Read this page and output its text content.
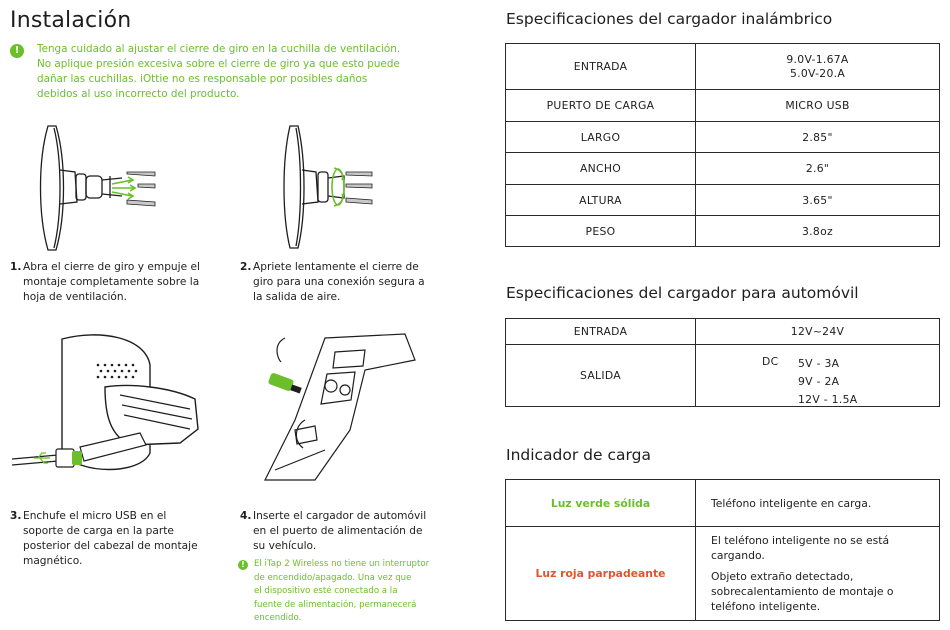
Instalación
!	Tenga cuidado al ajustar el cierre de giro en la cuchilla de ventilación.
No aplique presión excesiva sobre el cierre de giro ya que esto puede
dañar las cuchillas. iOttie no es responsable por posibles daños
debidos al uso incorrecto del producto.
1. Abra el cierre de giro y empuje el
montaje completamente sobre la
hoja de ventilación.
2. Apriete lentamente el cierre de
giro para una conexión segura a
la salida de aire.
3. Enchufe el micro USB en el
soporte de carga en la parte
posterior del cabezal de montaje
magnético.
4. Inserte el cargador de automóvil
en el puerto de alimentación de
su vehículo.
!	El iTap 2 Wireless no tiene un interruptor
de encendido/apagado. Una vez que
el dispositivo esté conectado a la
fuente de alimentación, permanecerá
encendido.
Especificaciones del cargador inalámbrico
ENTRADA	9.0V-1.67A
5.0V-20.A

PUERTO DE CARGA	MICRO USB
LARGO	2.85"
ANCHO	2.6"
ALTURA	3.65"
PESO	3.8oz
Especificaciones del cargador para automóvil
ENTRADA	12V~24V
SALIDA	DC 5V - 3A
9V - 2A
12V - 1.5A
Indicador de carga
Luz verde sólida	Teléfono inteligente en carga.

Luz roja parpadeante	El teléfono inteligente no se está
cargando.
Objeto extraño detectado,
sobrecalentamiento de montaje o
teléfono inteligente.
